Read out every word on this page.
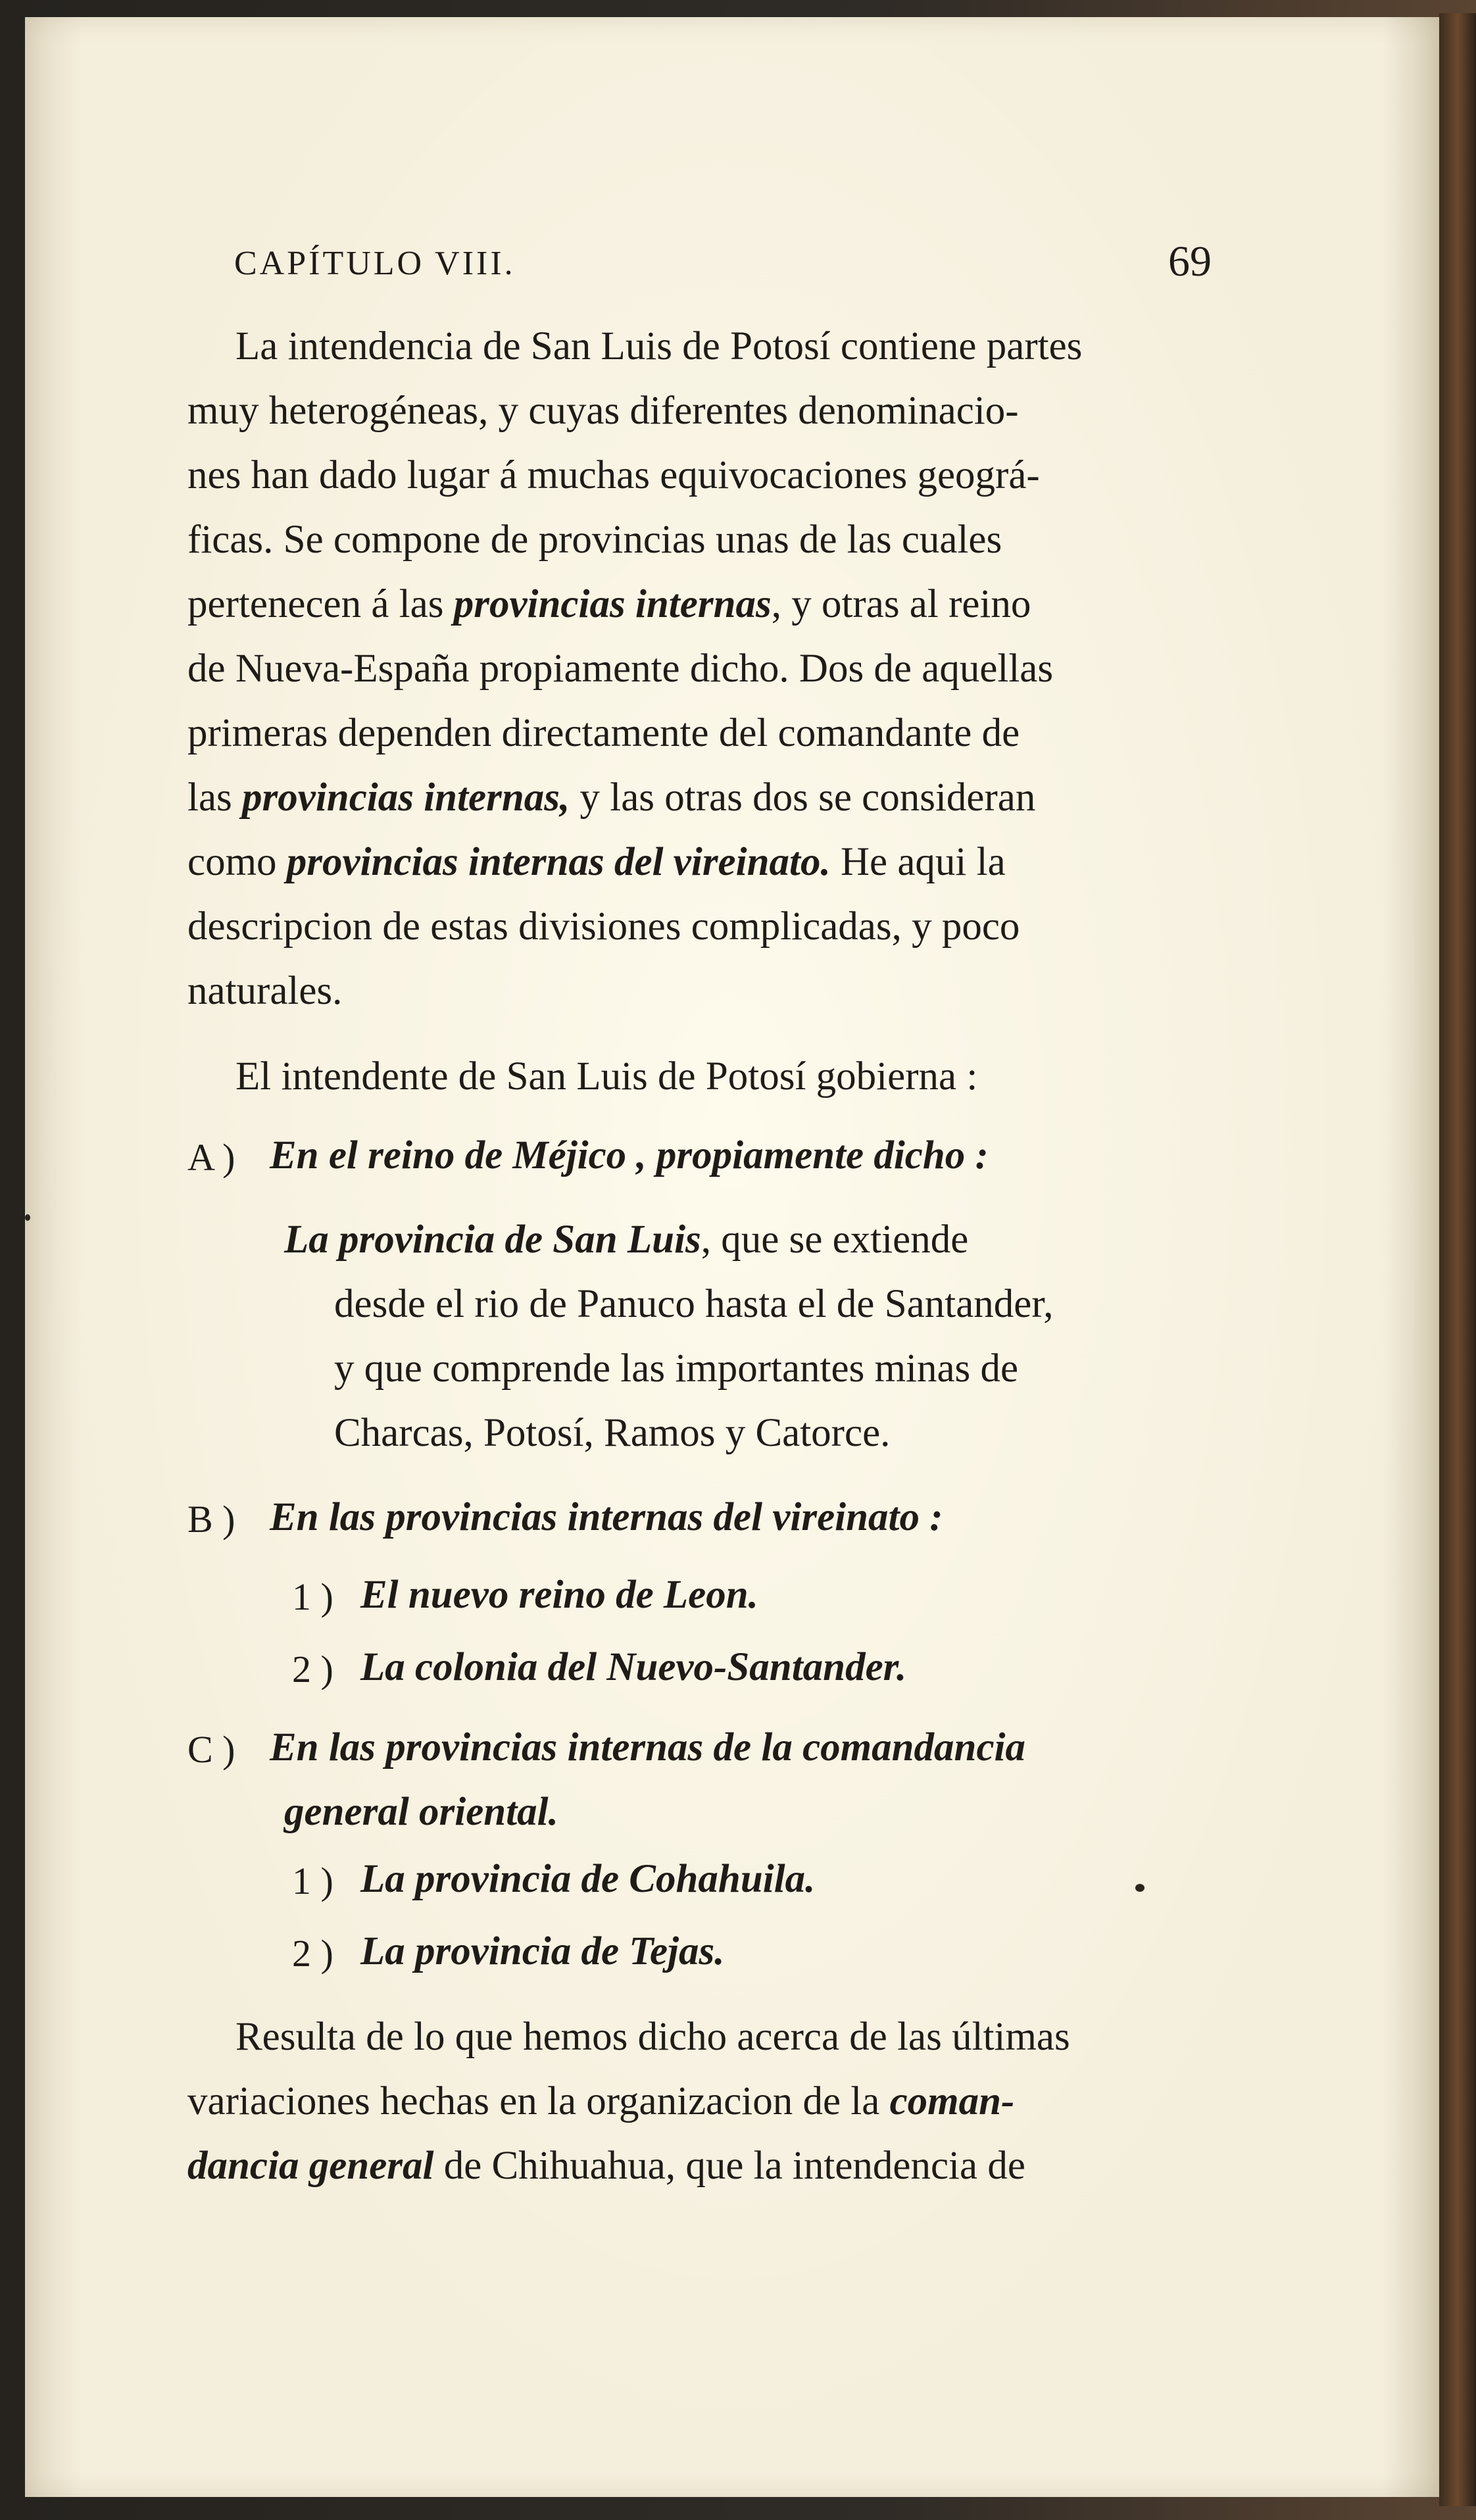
CAPÍTULO VIII.	69
La intendencia de San Luis de Potosí contiene partes
muy heterogéneas, y cuyas diferentes denominacio-
nes han dado lugar á muchas equivocaciones geográ-
ficas. Se compone de provincias unas de las cuales
pertenecen á las provincias internas, y otras al reino
de Nueva-España propiamente dicho. Dos de aquellas
primeras dependen directamente del comandante de
las provincias internas, y las otras dos se consideran
como provincias internas del vireinato. He aqui la
descripcion de estas divisiones complicadas, y poco
naturales.
El intendente de San Luis de Potosí gobierna :
A ) En el reino de Méjico , propiamente dicho :
La provincia de San Luis, que se extiende
desde el rio de Panuco hasta el de Santander,
y que comprende las importantes minas de
Charcas, Potosí, Ramos y Catorce.
B ) En las provincias internas del vireinato :
1 ) El nuevo reino de Leon.
2 ) La colonia del Nuevo-Santander.
C ) En las provincias internas de la comandancia
general oriental.
1 ) La provincia de Cohahuila.
2 ) La provincia de Tejas.
Resulta de lo que hemos dicho acerca de las últimas
variaciones hechas en la organizacion de la coman-
dancia general de Chihuahua, que la intendencia de
